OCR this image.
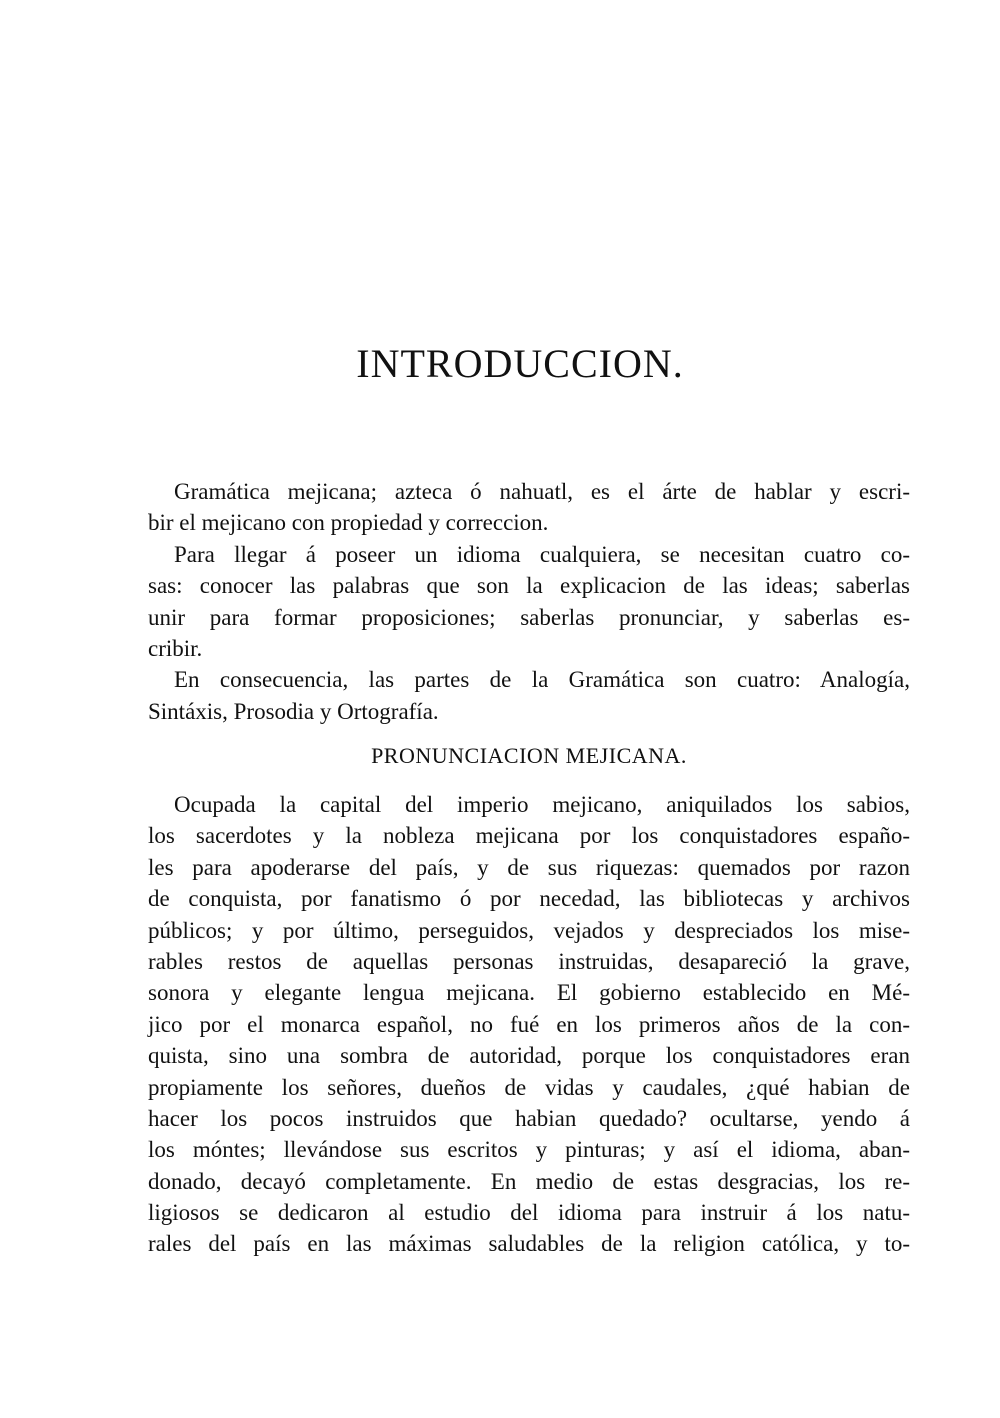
INTRODUCCION.
Gramática mejicana; azteca ó nahuatl, es el árte de hablar y escri-
bir el mejicano con propiedad y correccion.
Para llegar á poseer un idioma cualquiera, se necesitan cuatro co-
sas: conocer las palabras que son la explicacion de las ideas; saberlas
unir para formar proposiciones; saberlas pronunciar, y saberlas es-
cribir.
En consecuencia, las partes de la Gramática son cuatro: Analogía,
Sintáxis, Prosodia y Ortografía.
PRONUNCIACION MEJICANA.
Ocupada la capital del imperio mejicano, aniquilados los sabios,
los sacerdotes y la nobleza mejicana por los conquistadores españo-
les para apoderarse del país, y de sus riquezas: quemados por razon
de conquista, por fanatismo ó por necedad, las bibliotecas y archivos
públicos; y por último, perseguidos, vejados y despreciados los mise-
rables restos de aquellas personas instruidas, desapareció la grave,
sonora y elegante lengua mejicana. El gobierno establecido en Mé-
jico por el monarca español, no fué en los primeros años de la con-
quista, sino una sombra de autoridad, porque los conquistadores eran
propiamente los señores, dueños de vidas y caudales, ¿qué habian de
hacer los pocos instruidos que habian quedado? ocultarse, yendo á
los móntes; llevándose sus escritos y pinturas; y así el idioma, aban-
donado, decayó completamente. En medio de estas desgracias, los re-
ligiosos se dedicaron al estudio del idioma para instruir á los natu-
rales del país en las máximas saludables de la religion católica, y to-
